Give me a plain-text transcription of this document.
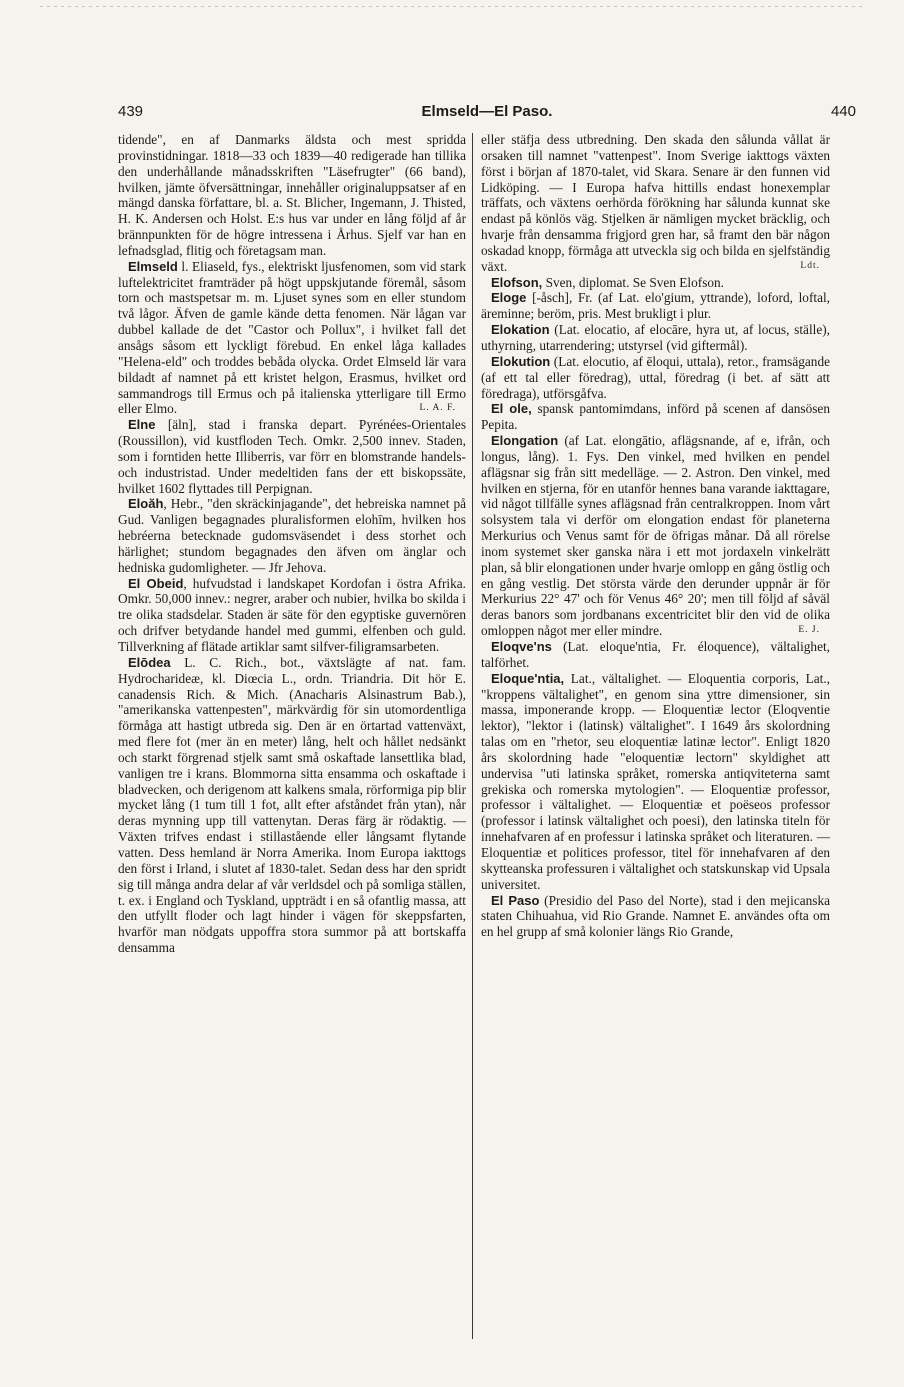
439	Elmseld—El Paso.	440

tidende", en af Danmarks äldsta och mest spridda provinstidningar. 1818—33 och 1839—40 redigerade han tillika den underhållande månadsskriften "Läsefrugter" (66 band), hvilken, jämte öfversättningar, innehåller originaluppsatser af en mängd danska författare, bl. a. St. Blicher, Ingemann, J. Thisted, H. K. Andersen och Holst. E:s hus var under en lång följd af år brännpunkten för de högre intressena i Århus. Sjelf var han en lefnadsglad, flitig och företagsam man.

Elmseld l. Eliaseld, fys., elektriskt ljusfenomen, som vid stark luftelektricitet framträder på högt uppskjutande föremål, såsom torn och mastspetsar m. m. Ljuset synes som en eller stundom två lågor. Äfven de gamle kände detta fenomen. När lågan var dubbel kallade de det "Castor och Pollux", i hvilket fall det ansågs såsom ett lyckligt förebud. En enkel låga kallades "Helena-eld" och troddes bebåda olycka. Ordet Elmseld lär vara bildadt af namnet på ett kristet helgon, Erasmus, hvilket ord sammandrogs till Ermus och på italienska ytterligare till Ermo eller Elmo.	L. A. F.

Elne [äln], stad i franska depart. Pyrénées-Orientales (Roussillon), vid kustfloden Tech. Omkr. 2,500 innev. Staden, som i forntiden hette Illiberris, var förr en blomstrande handels- och industristad. Under medeltiden fans der ett biskopssäte, hvilket 1602 flyttades till Perpignan.

Eloăh, Hebr., "den skräckinjagande", det hebreiska namnet på Gud. Vanligen begagnades pluralisformen elohīm, hvilken hos hebréerna betecknade gudomsväsendet i dess storhet och härlighet; stundom begagnades den äfven om änglar och hedniska gudomligheter. — Jfr Jehova.

El Obeid, hufvudstad i landskapet Kordofan i östra Afrika. Omkr. 50,000 innev.: negrer, araber och nubier, hvilka bo skilda i tre olika stadsdelar. Staden är säte för den egyptiske guvernören och drifver betydande handel med gummi, elfenben och guld. Tillverkning af flätade artiklar samt silfver-filigramsarbeten.

Elōdea L. C. Rich., bot., växtslägte af nat. fam. Hydrocharideæ, kl. Diœcia L., ordn. Triandria. Dit hör E. canadensis Rich. & Mich. (Anacharis Alsinastrum Bab.), "amerikanska vattenpesten", märkvärdig för sin utomordentliga förmåga att hastigt utbreda sig. Den är en örtartad vattenväxt, med flere fot (mer än en meter) lång, helt och hållet nedsänkt och starkt förgrenad stjelk samt små oskaftade lansettlika blad, vanligen tre i krans. Blommorna sitta ensamma och oskaftade i bladvecken, och derigenom att kalkens smala, rörformiga pip blir mycket lång (1 tum till 1 fot, allt efter afståndet från ytan), når deras mynning upp till vattenytan. Deras färg är rödaktig. — Växten trifves endast i stillastående eller långsamt flytande vatten. Dess hemland är Norra Amerika. Inom Europa iakttogs den först i Irland, i slutet af 1830-talet. Sedan dess har den spridt sig till många andra delar af vår verldsdel och på somliga ställen, t. ex. i England och Tyskland, uppträdt i en så ofantlig massa, att den utfyllt floder och lagt hinder i vägen för skeppsfarten, hvarför man nödgats uppoffra stora summor på att bortskaffa densamma

eller stäfja dess utbredning. Den skada den sålunda vållat är orsaken till namnet "vattenpest". Inom Sverige iakttogs växten först i början af 1870-talet, vid Skara. Senare är den funnen vid Lidköping. — I Europa hafva hittills endast honexemplar träffats, och växtens oerhörda förökning har sålunda kunnat ske endast på könlös väg. Stjelken är nämligen mycket bräcklig, och hvarje från densamma frigjord gren har, så framt den bär någon oskadad knopp, förmåga att utveckla sig och bilda en sjelfständig växt.	Ldt.

Elofson, Sven, diplomat. Se Sven Elofson.

Eloge [-åsch], Fr. (af Lat. elo'gium, yttrande), loford, loftal, äreminne; beröm, pris. Mest brukligt i plur.

Elokation (Lat. elocatio, af elocāre, hyra ut, af locus, ställe), uthyrning, utarrendering; utstyrsel (vid giftermål).

Elokution (Lat. elocutio, af ēloqui, uttala), retor., framsägande (af ett tal eller föredrag), uttal, föredrag (i bet. af sätt att föredraga), utförsgåfva.

El ole, spansk pantomimdans, införd på scenen af dansösen Pepita.

Elongation (af Lat. elongātio, aflägsnande, af e, ifrån, och longus, lång). 1. Fys. Den vinkel, med hvilken en pendel aflägsnar sig från sitt medelläge. — 2. Astron. Den vinkel, med hvilken en stjerna, för en utanför hennes bana varande iakttagare, vid något tillfälle synes aflägsnad från centralkroppen. Inom vårt solsystem tala vi derför om elongation endast för planeterna Merkurius och Venus samt för de öfrigas månar. Då all rörelse inom systemet sker ganska nära i ett mot jordaxeln vinkelrätt plan, så blir elongationen under hvarje omlopp en gång östlig och en gång vestlig. Det största värde den derunder uppnår är för Merkurius 22° 47' och för Venus 46° 20'; men till följd af såväl deras banors som jordbanans excentricitet blir den vid de olika omloppen något mer eller mindre.	E. J.

Eloqve'ns (Lat. eloque'ntia, Fr. éloquence), vältalighet, talförhet.

Eloque'ntia, Lat., vältalighet. — Eloquentia corporis, Lat., "kroppens vältalighet", en genom sina yttre dimensioner, sin massa, imponerande kropp. — Eloquentiæ lector (Eloqventie lektor), "lektor i (latinsk) vältalighet". I 1649 års skolordning talas om en "rhetor, seu eloquentiæ latinæ lector". Enligt 1820 års skolordning hade "eloquentiæ lectorn" skyldighet att undervisa "uti latinska språket, romerska antiqviteterna samt grekiska och romerska mytologien". — Eloquentiæ professor, professor i vältalighet. — Eloquentiæ et poëseos professor (professor i latinsk vältalighet och poesi), den latinska titeln för innehafvaren af en professur i latinska språket och literaturen. — Eloquentiæ et politices professor, titel för innehafvaren af den skytteanska professuren i vältalighet och statskunskap vid Upsala universitet.

El Paso (Presidio del Paso del Norte), stad i den mejicanska staten Chihuahua, vid Rio Grande. Namnet E. användes ofta om en hel grupp af små kolonier längs Rio Grande,
